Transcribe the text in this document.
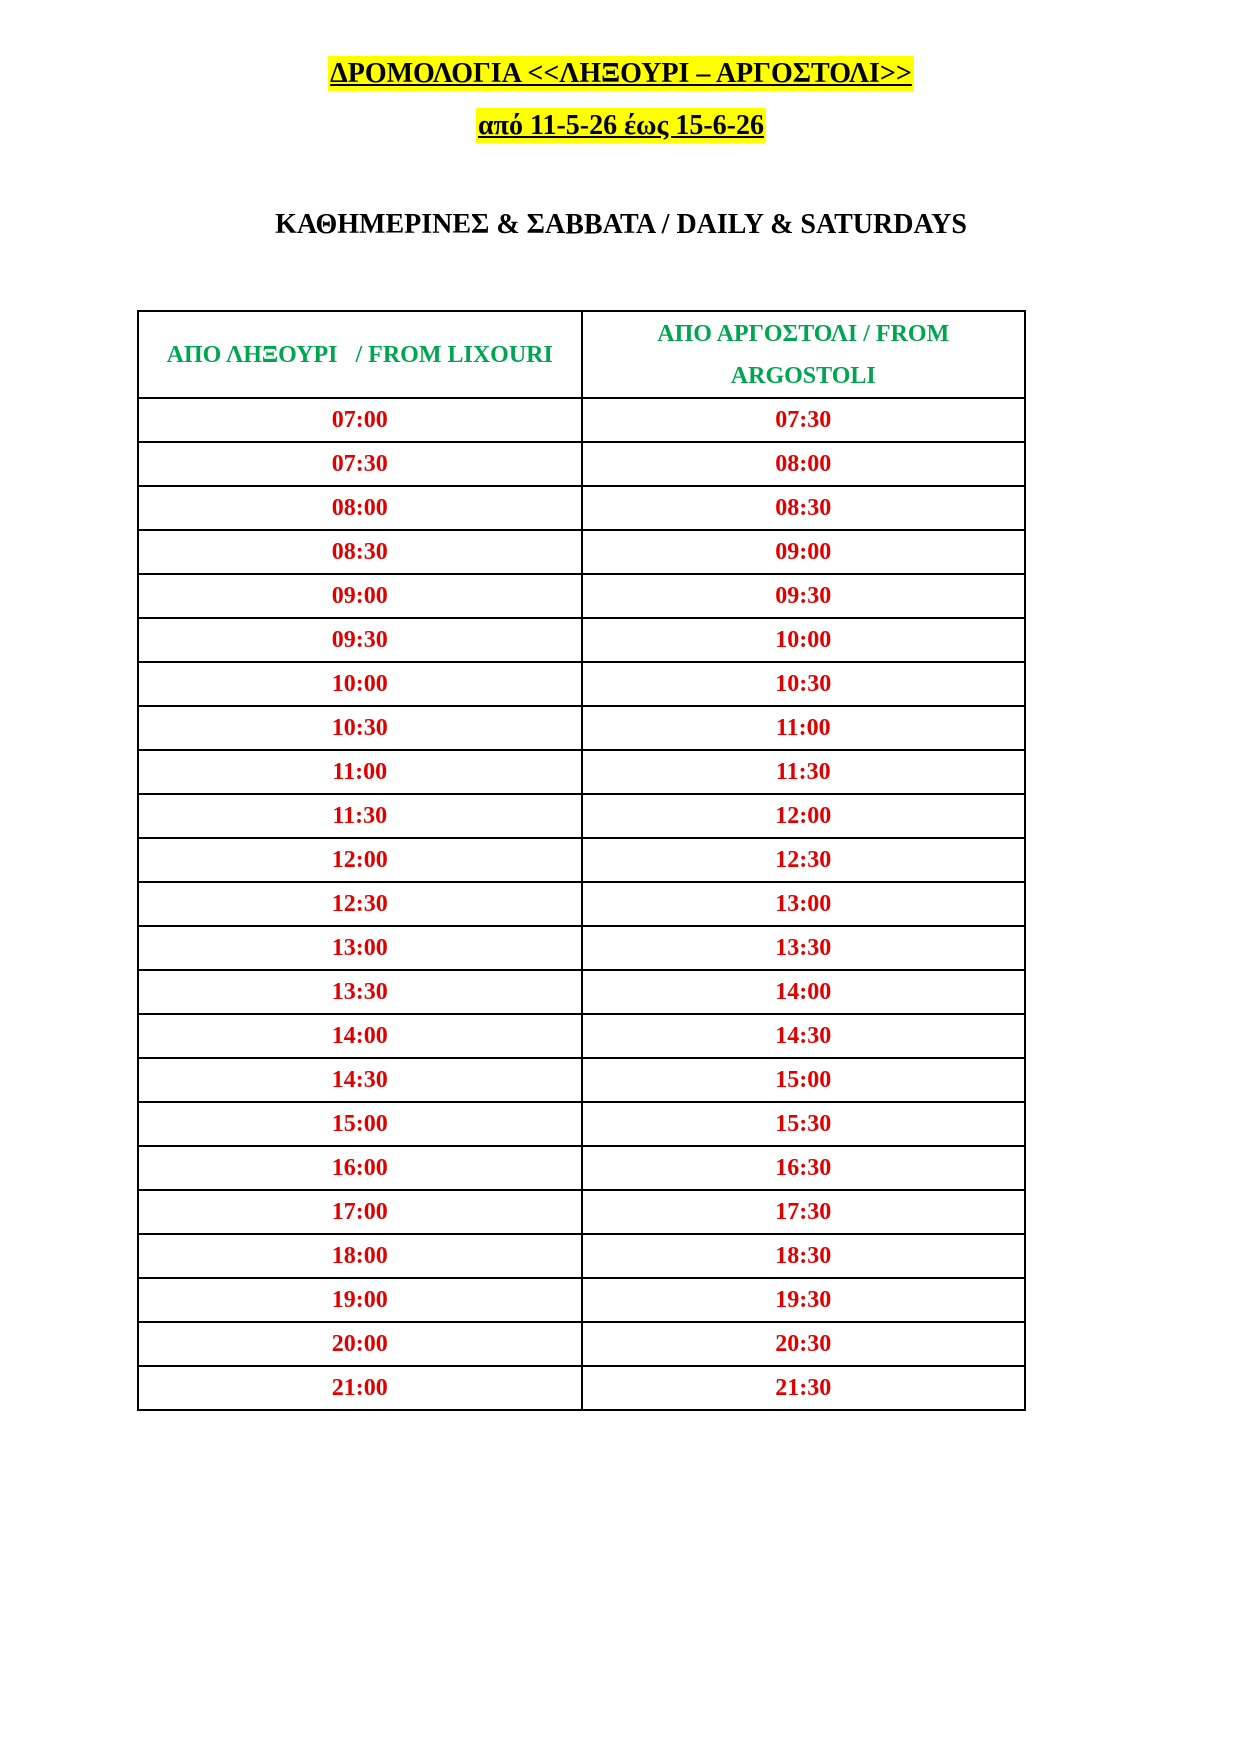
ΔΡΟΜΟΛΟΓΙΑ <<ΛΗΞΟΥΡΙ – ΑΡΓΟΣΤΟΛΙ>>
από 11-5-26 έως 15-6-26
ΚΑΘΗΜΕΡΙΝΕΣ & ΣΑΒΒΑΤΑ / DAILY & SATURDAYS
ΑΠΟ ΛΗΞΟΥΡΙ   / FROM LIXOURI	ΑΠΟ ΑΡΓΟΣΤΟΛΙ / FROM ARGOSTOLI
07:00	07:30
07:30	08:00
08:00	08:30
08:30	09:00
09:00	09:30
09:30	10:00
10:00	10:30
10:30	11:00
11:00	11:30
11:30	12:00
12:00	12:30
12:30	13:00
13:00	13:30
13:30	14:00
14:00	14:30
14:30	15:00
15:00	15:30
16:00	16:30
17:00	17:30
18:00	18:30
19:00	19:30
20:00	20:30
21:00	21:30
